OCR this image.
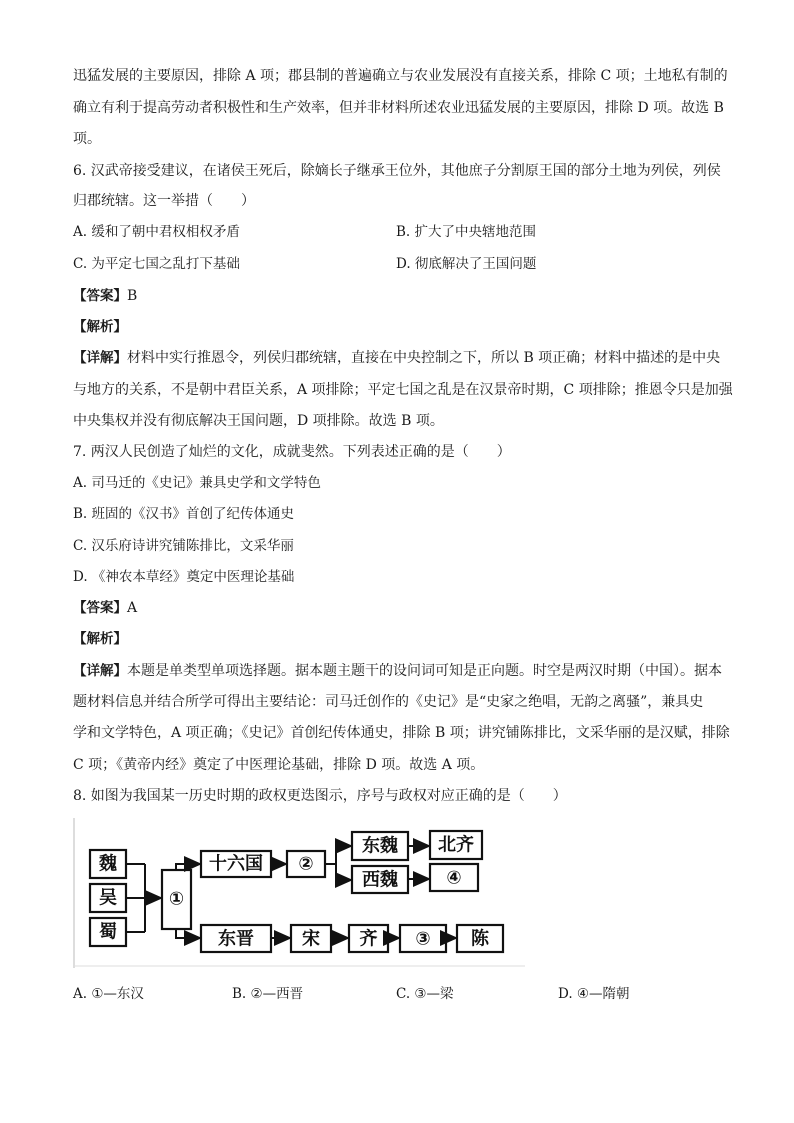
迅猛发展的主要原因，排除 A 项；郡县制的普遍确立与农业发展没有直接关系，排除 C 项；土地私有制的
确立有利于提高劳动者积极性和生产效率，但并非材料所述农业迅猛发展的主要原因，排除 D 项。故选 B
项。
6. 汉武帝接受建议，在诸侯王死后，除嫡长子继承王位外，其他庶子分割原王国的部分土地为列侯，列侯
归郡统辖。这一举措（　　）
A. 缓和了朝中君权相权矛盾	B. 扩大了中央辖地范围
C. 为平定七国之乱打下基础	D. 彻底解决了王国问题
【答案】B
【解析】
【详解】材料中实行推恩令，列侯归郡统辖，直接在中央控制之下，所以 B 项正确；材料中描述的是中央
与地方的关系，不是朝中君臣关系，A 项排除；平定七国之乱是在汉景帝时期，C 项排除；推恩令只是加强
中央集权并没有彻底解决王国问题，D 项排除。故选 B 项。
7. 两汉人民创造了灿烂的文化，成就斐然。下列表述正确的是（　　）
A. 司马迁的《史记》兼具史学和文学特色
B. 班固的《汉书》首创了纪传体通史
C. 汉乐府诗讲究铺陈排比，文采华丽
D. 《神农本草经》奠定中医理论基础
【答案】A
【解析】
【详解】本题是单类型单项选择题。据本题主题干的设问词可知是正向题。时空是两汉时期（中国）。据本
题材料信息并结合所学可得出主要结论：司马迁创作的《史记》是“史家之绝唱，无韵之离骚”，兼具史
学和文学特色，A 项正确；《史记》首创纪传体通史，排除 B 项；讲究铺陈排比，文采华丽的是汉赋，排除
C 项；《黄帝内经》奠定了中医理论基础，排除 D 项。故选 A 项。
8. 如图为我国某一历史时期的政权更迭图示，序号与政权对应正确的是（　　）
魏
吴
蜀
①
十六国 ②
东魏 北齐
西魏	④
东晋	宋 齐 ③ 陈
A. ①—东汉	B. ②—西晋	C. ③—梁	D. ④—隋朝
